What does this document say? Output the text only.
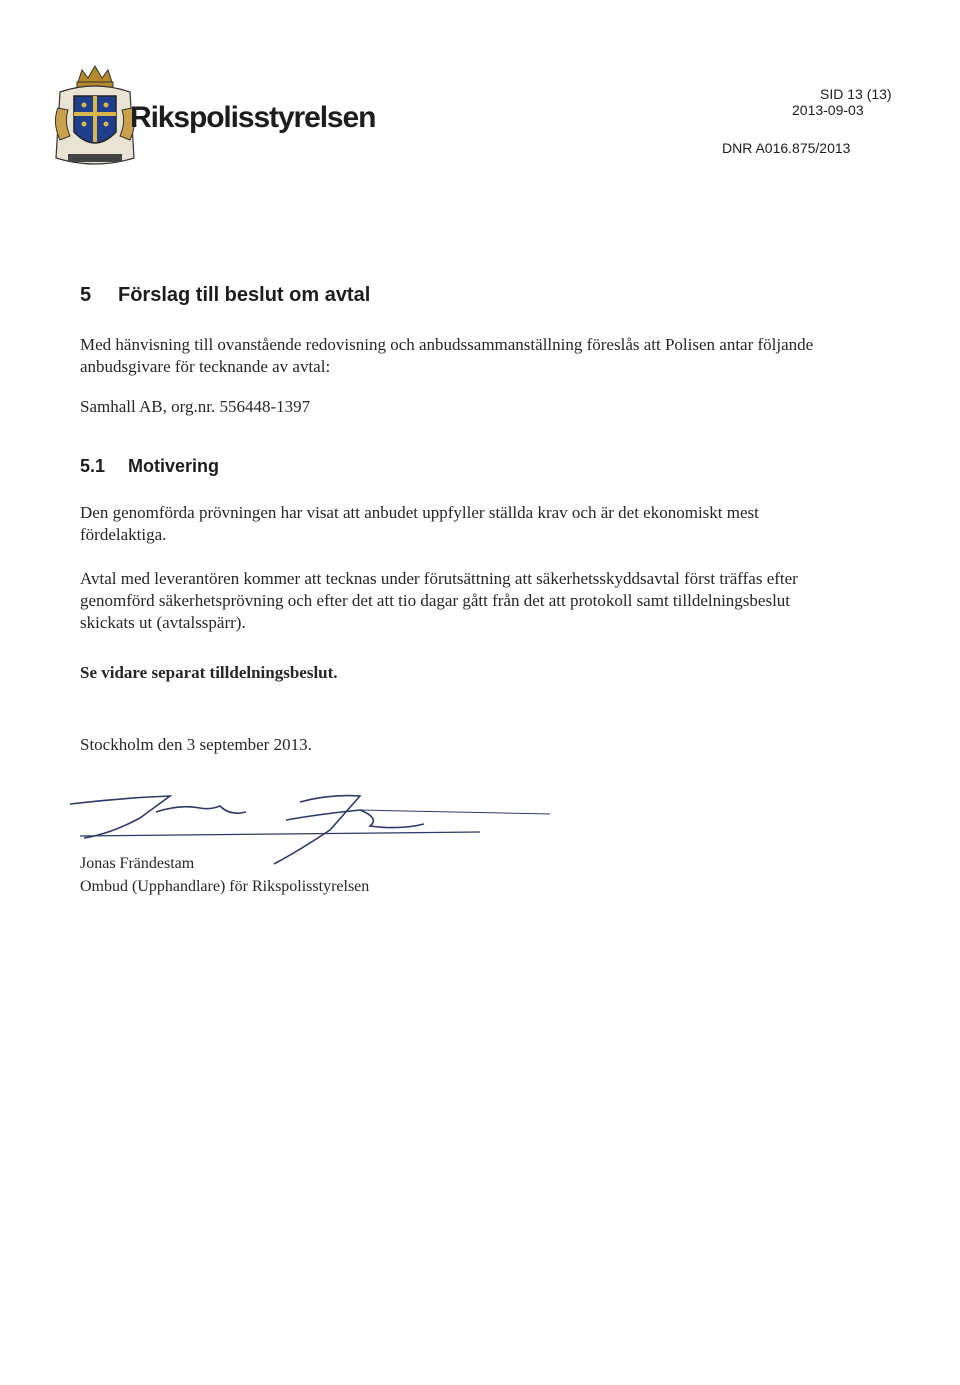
Rikspolisstyrelsen
SID 13 (13)
2013-09-03
DNR A016.875/2013
5 Förslag till beslut om avtal
Med hänvisning till ovanstående redovisning och anbudssammanställning föreslås att Polisen antar följande anbudsgivare för tecknande av avtal:
Samhall AB, org.nr. 556448-1397
5.1 Motivering
Den genomförda prövningen har visat att anbudet uppfyller ställda krav och är det ekonomiskt mest fördelaktiga.
Avtal med leverantören kommer att tecknas under förutsättning att säkerhetsskyddsavtal först träffas efter genomförd säkerhetsprövning och efter det att tio dagar gått från det att protokoll samt tilldelningsbeslut skickats ut (avtalsspärr).
Se vidare separat tilldelningsbeslut.
Stockholm den 3 september 2013.
Jonas Frändestam
Ombud (Upphandlare) för Rikspolisstyrelsen
